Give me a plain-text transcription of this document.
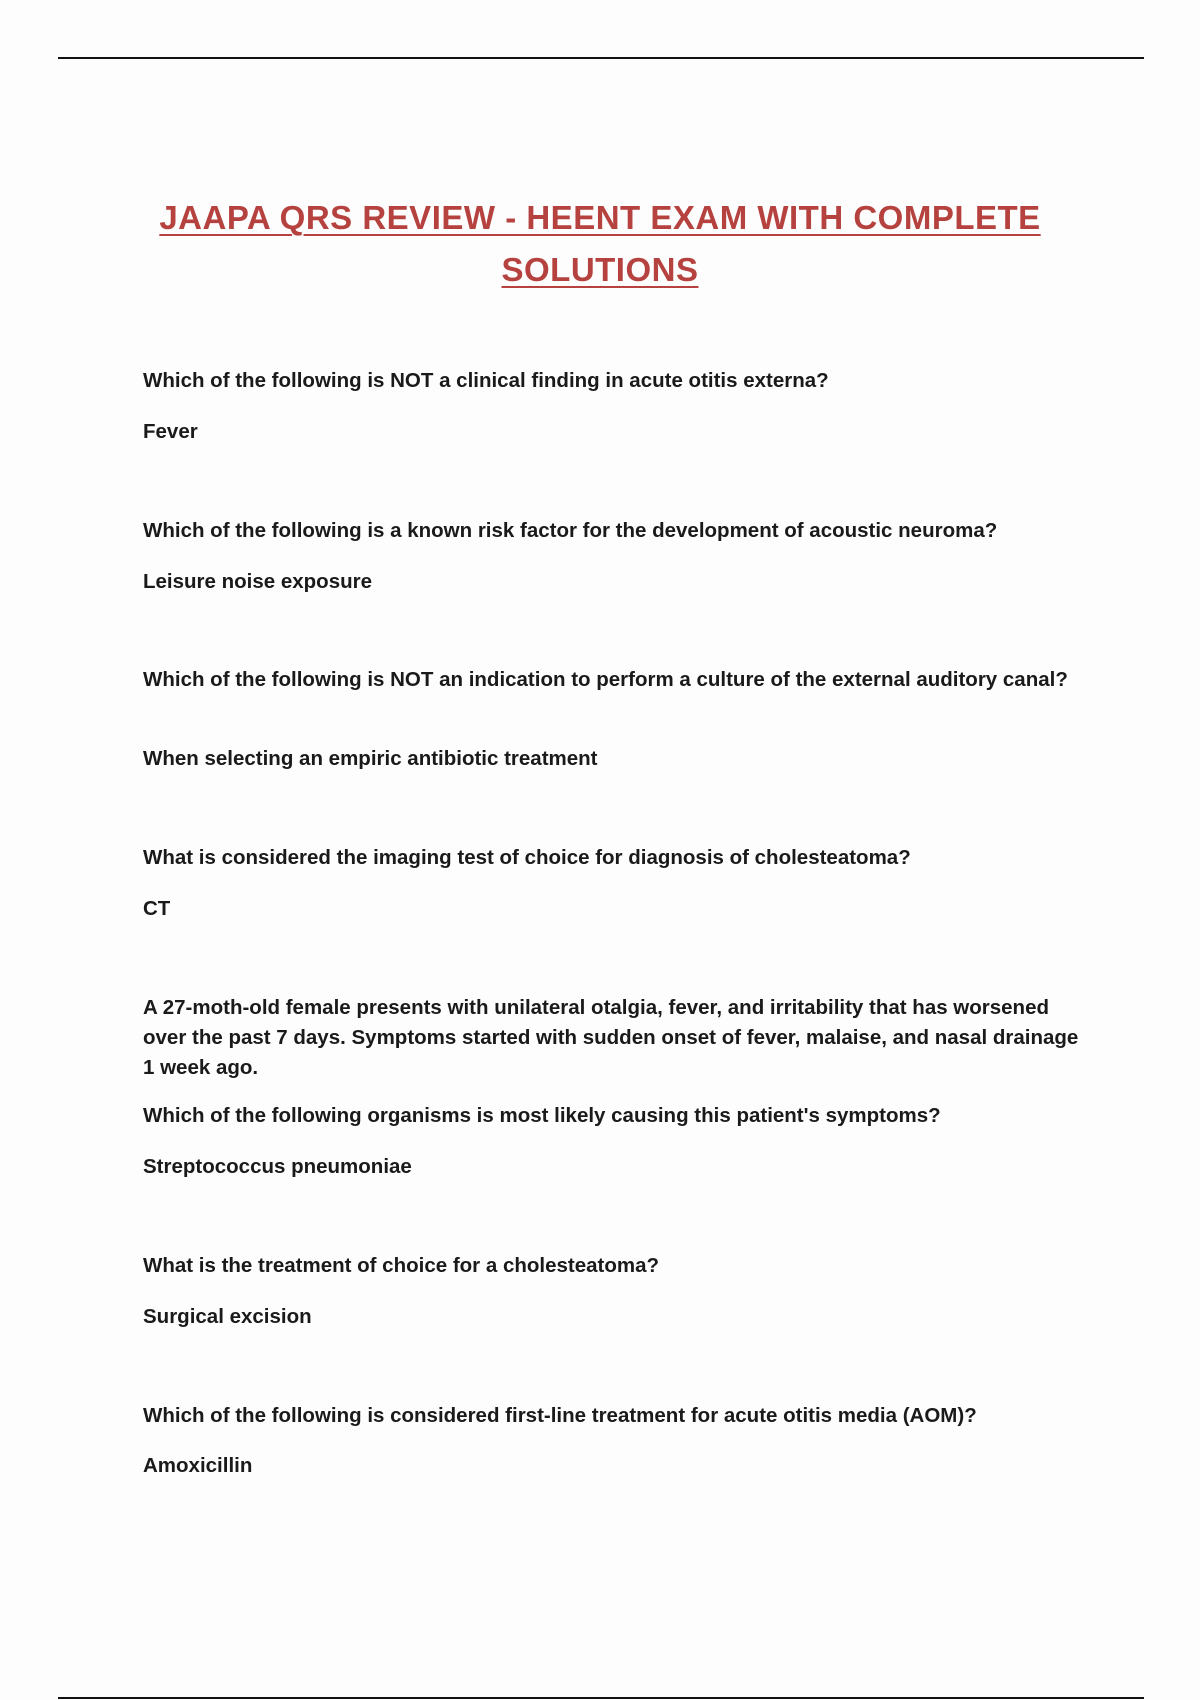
JAAPA QRS REVIEW - HEENT EXAM WITH COMPLETE
SOLUTIONS
Which of the following is NOT a clinical finding in acute otitis externa?
Fever
Which of the following is a known risk factor for the development of acoustic neuroma?
Leisure noise exposure
Which of the following is NOT an indication to perform a culture of the external auditory canal?
When selecting an empiric antibiotic treatment
What is considered the imaging test of choice for diagnosis of cholesteatoma?
CT
A 27-moth-old female presents with unilateral otalgia, fever, and irritability that has worsened over the past 7 days. Symptoms started with sudden onset of fever, malaise, and nasal drainage 1 week ago.
Which of the following organisms is most likely causing this patient's symptoms?
Streptococcus pneumoniae
What is the treatment of choice for a cholesteatoma?
Surgical excision
Which of the following is considered first-line treatment for acute otitis media (AOM)?
Amoxicillin
